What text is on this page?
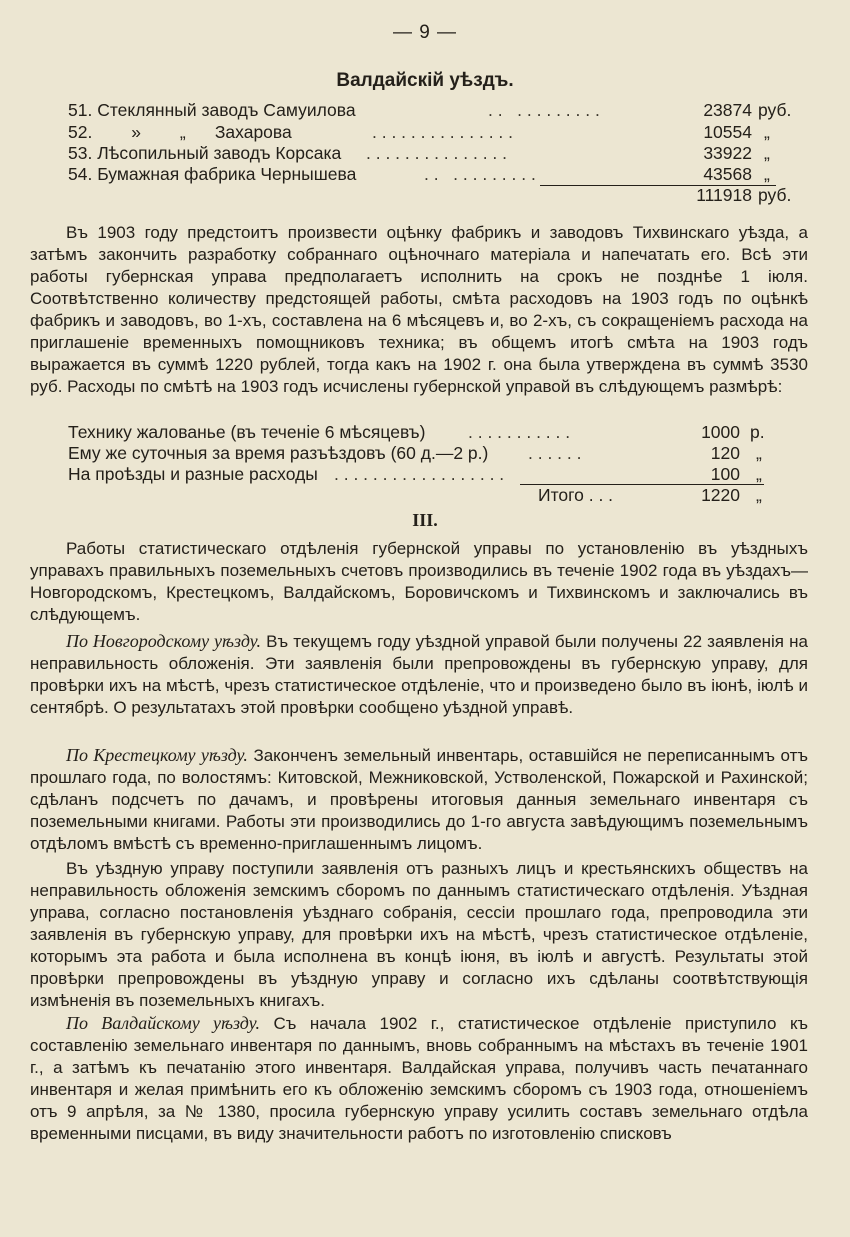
— 9 —
Валдайскiй уѣздъ.
51. Стеклянный заводъ Самуилова	. .   . . . . . . . . .	23874 руб.
52.        »        „      Захарова	. . . . . . . . . . . . . . .	10554 „
53. Лѣсопильный заводъ Корсака . . . . . . . . . . . . . . .	33922 „
54. Бумажная фабрика Чернышева	. .   . . . . . . . . .	43568 „
111918 руб.
Въ 1903 году предстоитъ произвести оцѣнку фабрикъ и заводовъ Тихвинскаго уѣзда, а затѣмъ закончить разработку собраннаго оцѣночнаго матерiала и напечатать его. Всѣ эти работы губернская управа предполагаетъ исполнить на срокъ не позднѣе 1 iюля. Соотвѣтственно количеству предстоящей работы, смѣта расходовъ на 1903 годъ по оцѣнкѣ фабрикъ и заводовъ, во 1-хъ, составлена на 6 мѣсяцевъ и, во 2-хъ, съ сокращенiемъ расхода на приглашенiе временныхъ помощниковъ техника; въ общемъ итогѣ смѣта на 1903 годъ выражается въ суммѣ 1220 рублей, тогда какъ на 1902 г. она была утверждена въ суммѣ 3530 руб. Расходы по смѣтѣ на 1903 годъ исчислены губернской управой въ слѣдующемъ размѣрѣ:
Технику жалованье (въ теченiе 6 мѣсяцевъ) . . . . . . . . . . .	1000 р.
Ему же суточныя за время разъѣздовъ (60 д.—2 р.) . . . . . .	120 „
На проѣзды и разные расходы . . . . . . . . . . . . . . . . . .	100 „
Итого . . .	1220 „
III.
Работы статистическаго отдѣленiя губернской управы по установленiю въ уѣздныхъ управахъ правильныхъ поземельныхъ счетовъ производились въ теченiе 1902 года въ уѣздахъ—Новгородскомъ, Крестецкомъ, Валдайскомъ, Боровичскомъ и Тихвинскомъ и заключались въ слѣдующемъ.
По Новгородскому уѣзду. Въ текущемъ году уѣздной управой были получены 22 заявленiя на неправильность обложенiя. Эти заявленiя были препровождены въ губернскую управу, для провѣрки ихъ на мѣстѣ, чрезъ статистическое отдѣленiе, что и произведено было въ iюнѣ, iюлѣ и сентябрѣ. О результатахъ этой провѣрки сообщено уѣздной управѣ.
По Крестецкому уѣзду. Законченъ земельный инвентарь, оставшiйся не переписаннымъ отъ прошлаго года, по волостямъ: Китовской, Межниковской, Устволенской, Пожарской и Рахинской; сдѣланъ подсчетъ по дачамъ, и провѣрены итоговыя данныя земельнаго инвентаря съ поземельными книгами. Работы эти производились до 1-го августа завѣдующимъ поземельнымъ отдѣломъ вмѣстѣ съ временно-приглашеннымъ лицомъ.
Въ уѣздную управу поступили заявленiя отъ разныхъ лицъ и крестьянскихъ обществъ на неправильность обложенiя земскимъ сборомъ по даннымъ статистическаго отдѣленiя. Уѣздная управа, согласно постановленiя уѣзднаго собранiя, сессiи прошлаго года, препроводила эти заявленiя въ губернскую управу, для провѣрки ихъ на мѣстѣ, чрезъ статистическое отдѣленiе, которымъ эта работа и была исполнена въ концѣ iюня, въ iюлѣ и августѣ. Результаты этой провѣрки препровождены въ уѣздную управу и согласно ихъ сдѣланы соотвѣтствующiя измѣненiя въ поземельныхъ книгахъ.
По Валдайскому уѣзду. Съ начала 1902 г., статистическое отдѣленiе приступило къ составленiю земельнаго инвентаря по даннымъ, вновь собраннымъ на мѣстахъ въ теченiе 1901 г., а затѣмъ къ печатанiю этого инвентаря. Валдайская управа, получивъ часть печатаннаго инвентаря и желая примѣнить его къ обложенiю земскимъ сборомъ съ 1903 года, отношенiемъ отъ 9 апрѣля, за № 1380, просила губернскую управу усилить составъ земельнаго отдѣла временными писцами, въ виду значительности работъ по изготовленiю списковъ
